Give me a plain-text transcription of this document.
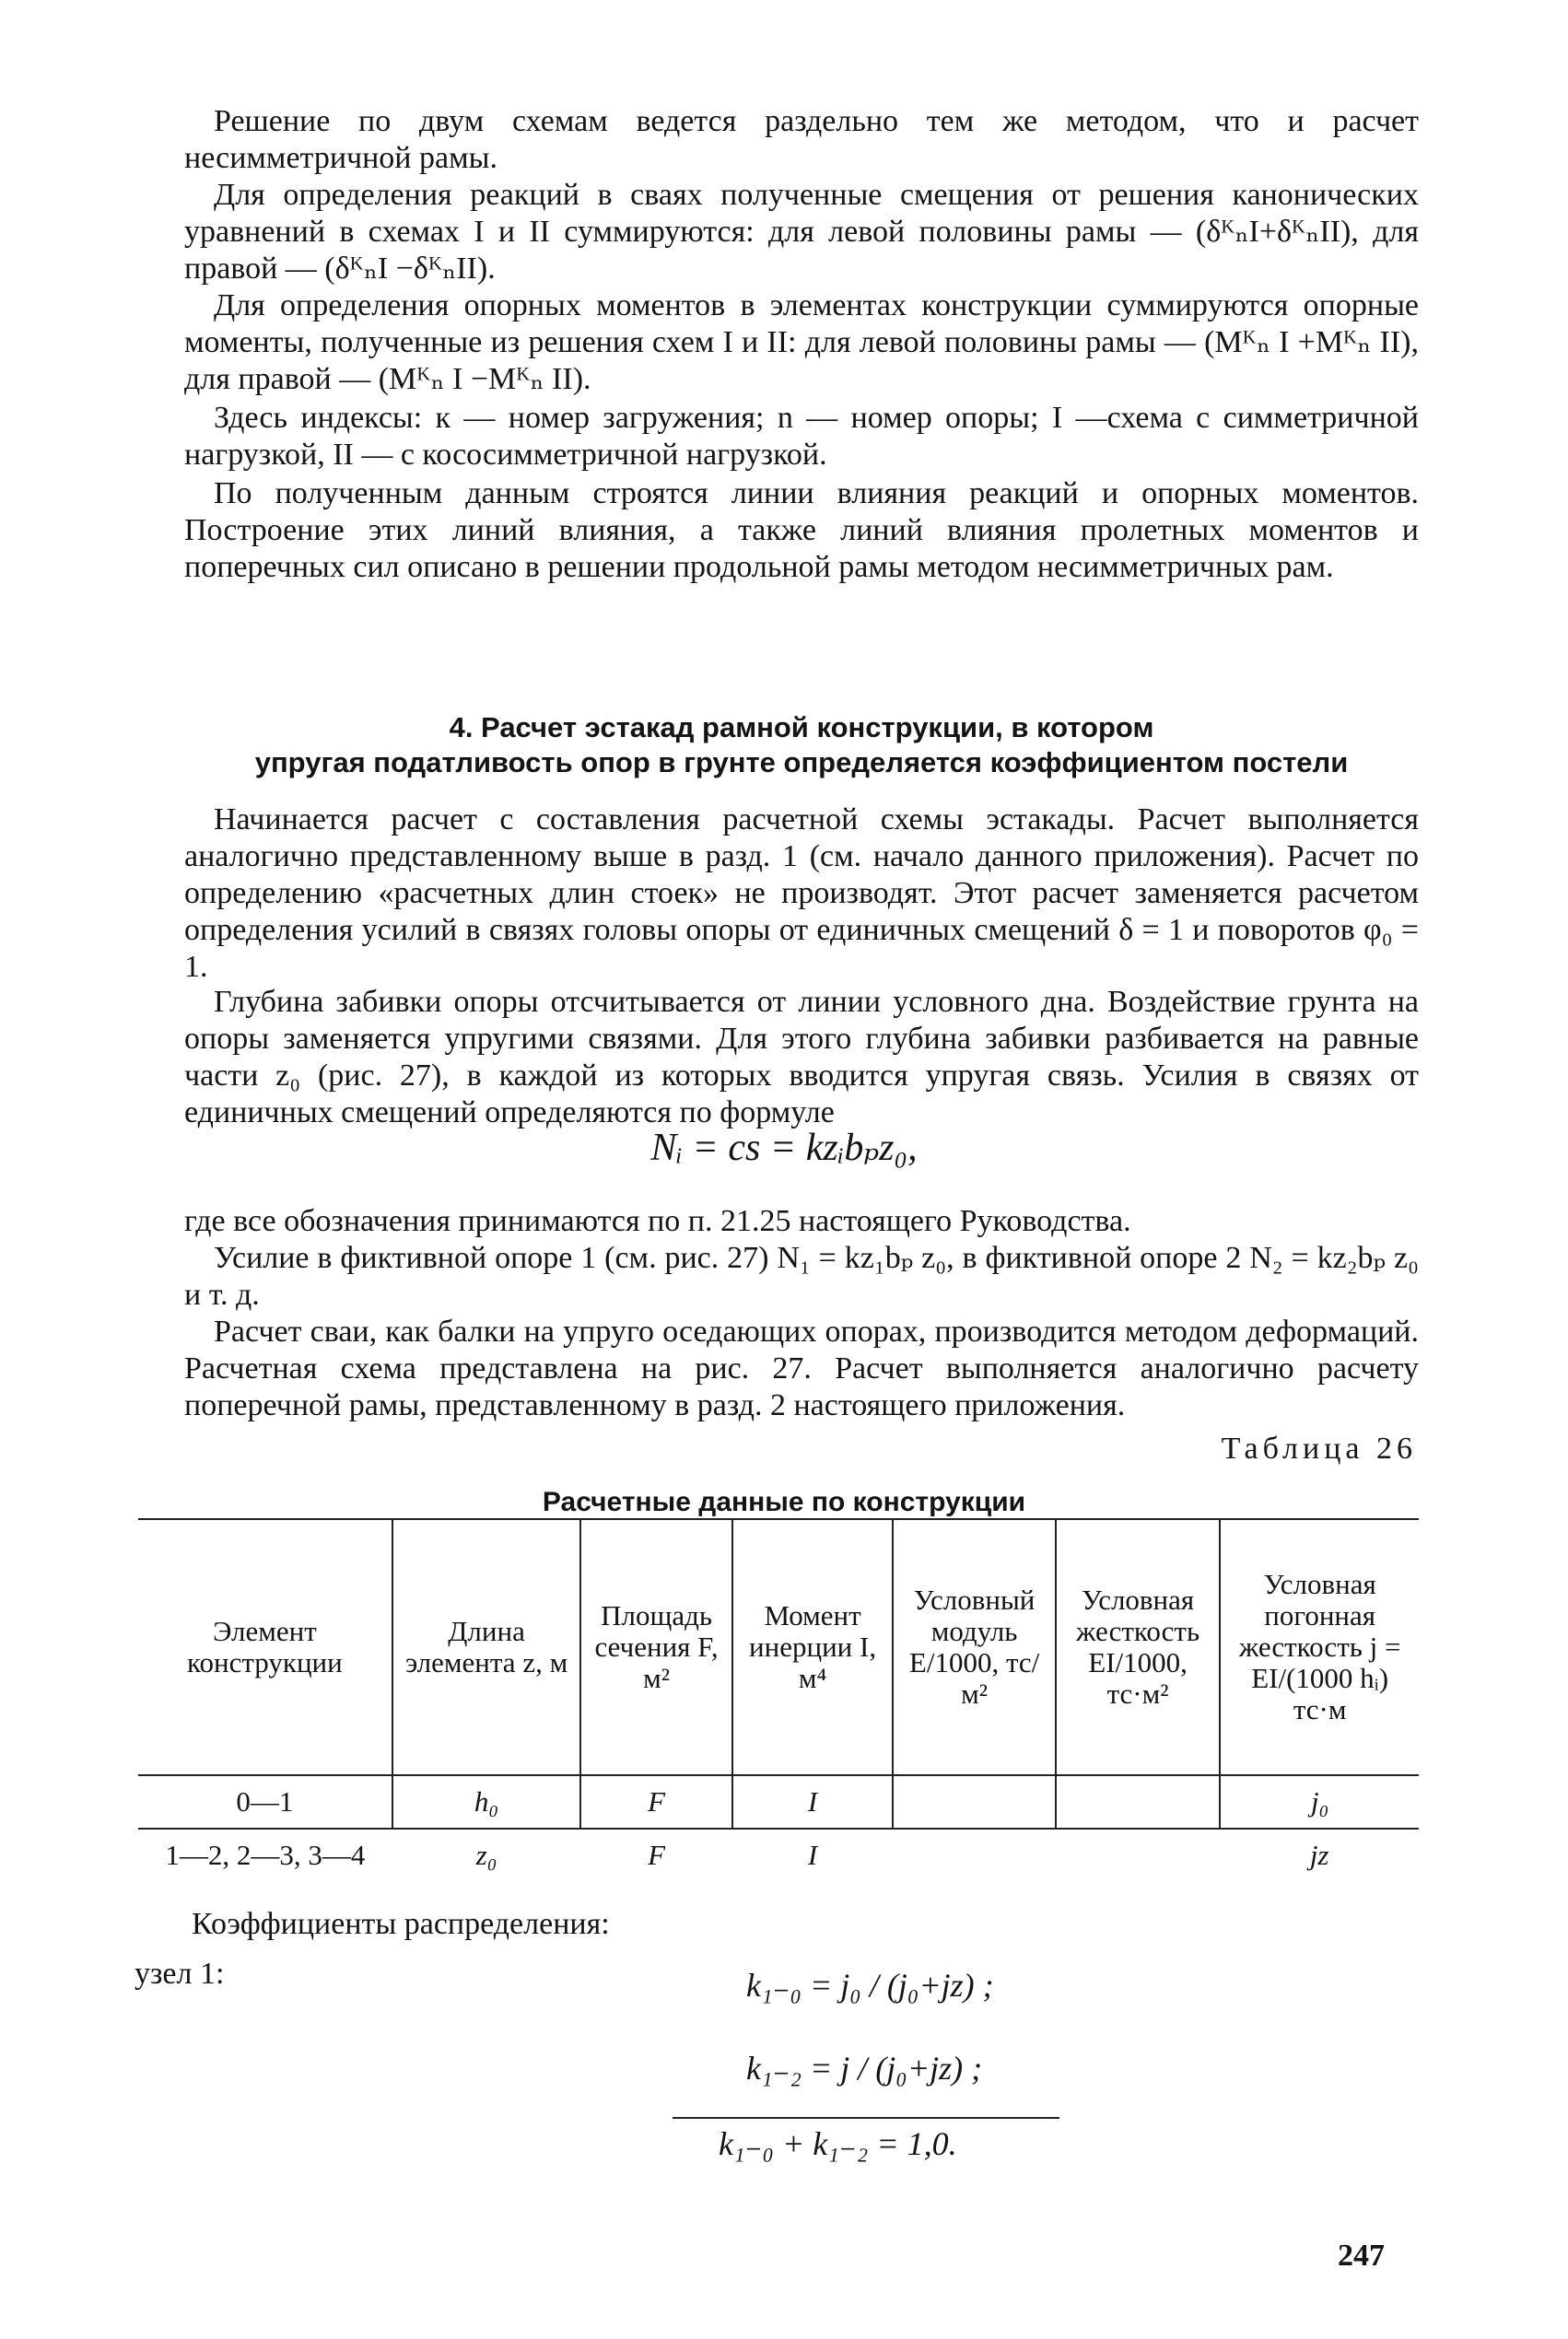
Решение по двум схемам ведется раздельно тем же методом, что и расчет несимметричной рамы.

Для определения реакций в сваях полученные смещения от решения канонических уравнений в схемах I и II суммируются: для левой половины рамы — (δᴷₙI+δᴷₙII), для правой — (δᴷₙI −δᴷₙII).

Для определения опорных моментов в элементах конструкции суммируются опорные моменты, полученные из решения схем I и II: для левой половины рамы — (Mᴷₙ I +Mᴷₙ II), для правой — (Mᴷₙ I −Mᴷₙ II).

Здесь индексы: к — номер загружения; n — номер опоры; I —схема с симметричной нагрузкой, II — с кососимметричной нагрузкой.

По полученным данным строятся линии влияния реакций и опорных моментов. Построение этих линий влияния, а также линий влияния пролетных моментов и поперечных сил описано в решении продольной рамы методом несимметричных рам.

4. Расчет эстакад рамной конструкции, в котором

упругая податливость опор в грунте определяется коэффициентом постели

Начинается расчет с составления расчетной схемы эстакады. Расчет выполняется аналогично представленному выше в разд. 1 (см. начало данного приложения). Расчет по определению «расчетных длин стоек» не производят. Этот расчет заменяется расчетом определения усилий в связях головы опоры от единичных смещений δ = 1 и поворотов φ₀ = 1.

Глубина забивки опоры отсчитывается от линии условного дна. Воздействие грунта на опоры заменяется упругими связями. Для этого глубина забивки разбивается на равные части z₀ (рис. 27), в каждой из которых вводится упругая связь. Усилия в связях от единичных смещений определяются по формуле

Nᵢ = cs = kzᵢbₚz₀,

где все обозначения принимаются по п. 21.25 настоящего Руководства.

Усилие в фиктивной опоре 1 (см. рис. 27) N₁ = kz₁bₚ z₀, в фиктивной опоре 2 N₂ = kz₂bₚ z₀ и т. д.

Расчет сваи, как балки на упруго оседающих опорах, производится методом деформаций. Расчетная схема представлена на рис. 27. Расчет выполняется аналогично расчету поперечной рамы, представленному в разд. 2 настоящего приложения.

Таблица 26

Расчетные данные по конструкции

Элемент конструкции	Длина элемента z, м	Площадь сечения F, м²	Момент инерции I, м⁴	Условный модуль E/1000, тс/м²	Условная жесткость EI/1000, тс·м²	Условная погонная жесткость j = EI/(1000 hᵢ) тс·м
0—1	h₀	F	I			j₀
1—2, 2—3, 3—4	z₀	F	I			jz

Коэффициенты распределения:

узел 1:	k₁₋₀ = j₀ / (j₀+jz) ;

k₁₋₂ = j / (j₀+jz) ;

k₁₋₀ + k₁₋₂ = 1,0.

247
